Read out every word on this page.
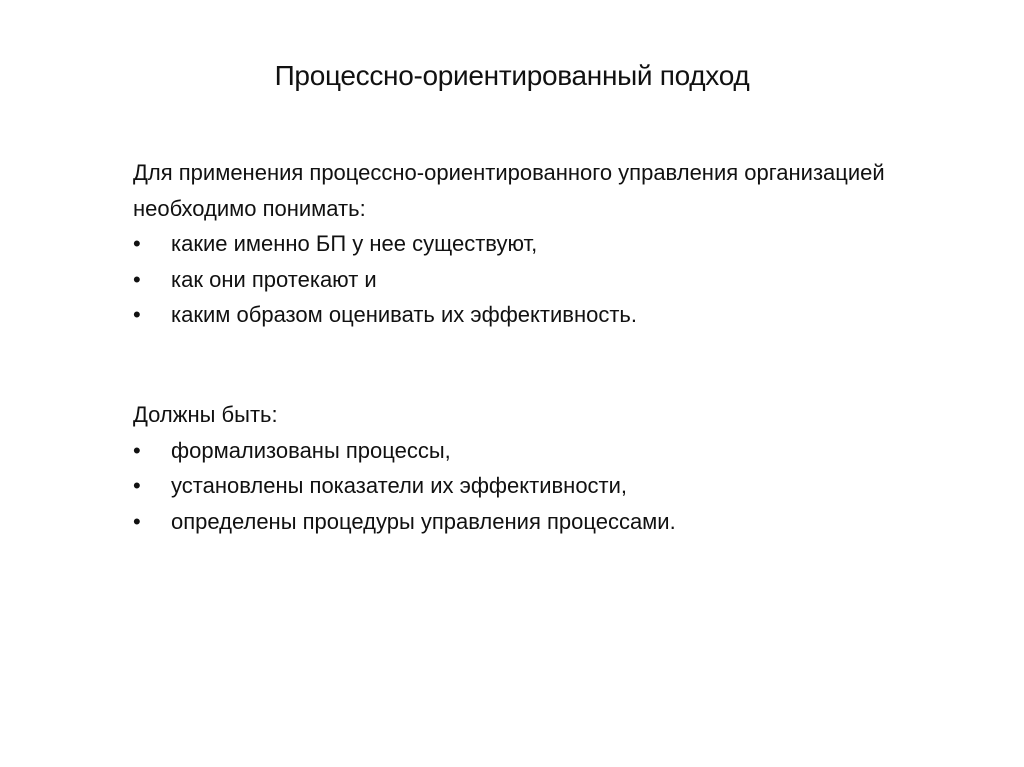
Процессно-ориентированный подход

Для применения процессно-ориентированного управления организацией необходимо понимать:

•	какие именно БП у нее существуют,
•	как они протекают и
•	каким образом оценивать их эффективность.

Должны быть:

•	формализованы процессы,
•	установлены показатели их эффективности,
•	определены процедуры управления процессами.
